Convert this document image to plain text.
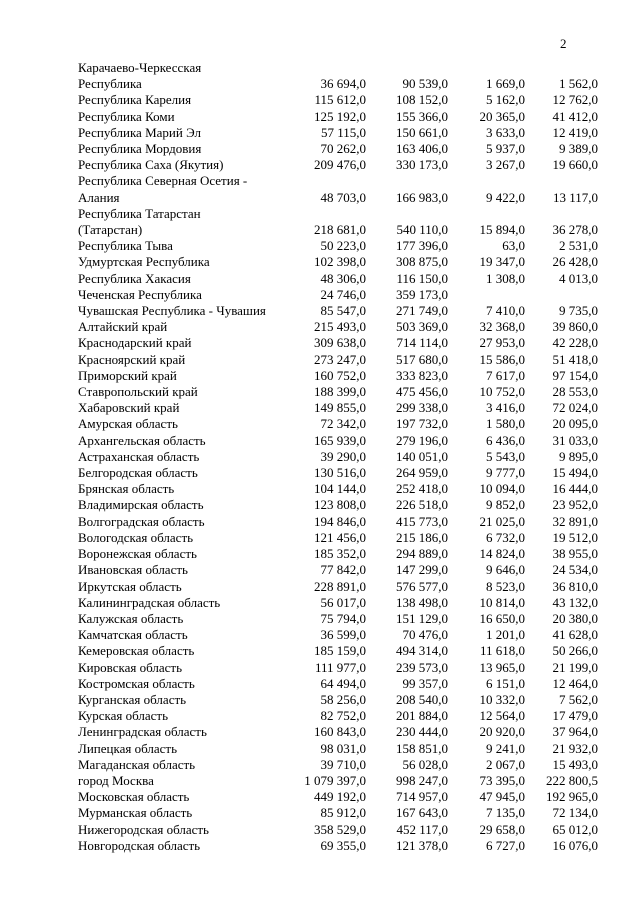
2
Карачаево-Черкесская
Республика	36 694,0	90 539,0	1 669,0	1 562,0
Республика Карелия	115 612,0	108 152,0	5 162,0	12 762,0
Республика Коми	125 192,0	155 366,0	20 365,0	41 412,0
Республика Марий Эл	57 115,0	150 661,0	3 633,0	12 419,0
Республика Мордовия	70 262,0	163 406,0	5 937,0	9 389,0
Республика Саха (Якутия)	209 476,0	330 173,0	3 267,0	19 660,0
Республика Северная Осетия -
Алания	48 703,0	166 983,0	9 422,0	13 117,0
Республика Татарстан
(Татарстан)	218 681,0	540 110,0	15 894,0	36 278,0
Республика Тыва	50 223,0	177 396,0	63,0	2 531,0
Удмуртская Республика	102 398,0	308 875,0	19 347,0	26 428,0
Республика Хакасия	48 306,0	116 150,0	1 308,0	4 013,0
Чеченская Республика	24 746,0	359 173,0
Чувашская Республика - Чувашия	85 547,0	271 749,0	7 410,0	9 735,0
Алтайский край	215 493,0	503 369,0	32 368,0	39 860,0
Краснодарский край	309 638,0	714 114,0	27 953,0	42 228,0
Красноярский край	273 247,0	517 680,0	15 586,0	51 418,0
Приморский край	160 752,0	333 823,0	7 617,0	97 154,0
Ставропольский край	188 399,0	475 456,0	10 752,0	28 553,0
Хабаровский край	149 855,0	299 338,0	3 416,0	72 024,0
Амурская область	72 342,0	197 732,0	1 580,0	20 095,0
Архангельская область	165 939,0	279 196,0	6 436,0	31 033,0
Астраханская область	39 290,0	140 051,0	5 543,0	9 895,0
Белгородская область	130 516,0	264 959,0	9 777,0	15 494,0
Брянская область	104 144,0	252 418,0	10 094,0	16 444,0
Владимирская область	123 808,0	226 518,0	9 852,0	23 952,0
Волгоградская область	194 846,0	415 773,0	21 025,0	32 891,0
Вологодская область	121 456,0	215 186,0	6 732,0	19 512,0
Воронежская область	185 352,0	294 889,0	14 824,0	38 955,0
Ивановская область	77 842,0	147 299,0	9 646,0	24 534,0
Иркутская область	228 891,0	576 577,0	8 523,0	36 810,0
Калининградская область	56 017,0	138 498,0	10 814,0	43 132,0
Калужская область	75 794,0	151 129,0	16 650,0	20 380,0
Камчатская область	36 599,0	70 476,0	1 201,0	41 628,0
Кемеровская область	185 159,0	494 314,0	11 618,0	50 266,0
Кировская область	111 977,0	239 573,0	13 965,0	21 199,0
Костромская область	64 494,0	99 357,0	6 151,0	12 464,0
Курганская область	58 256,0	208 540,0	10 332,0	7 562,0
Курская область	82 752,0	201 884,0	12 564,0	17 479,0
Ленинградская область	160 843,0	230 444,0	20 920,0	37 964,0
Липецкая область	98 031,0	158 851,0	9 241,0	21 932,0
Магаданская область	39 710,0	56 028,0	2 067,0	15 493,0
город Москва	1 079 397,0	998 247,0	73 395,0	222 800,5
Московская область	449 192,0	714 957,0	47 945,0	192 965,0
Мурманская область	85 912,0	167 643,0	7 135,0	72 134,0
Нижегородская область	358 529,0	452 117,0	29 658,0	65 012,0
Новгородская область	69 355,0	121 378,0	6 727,0	16 076,0
